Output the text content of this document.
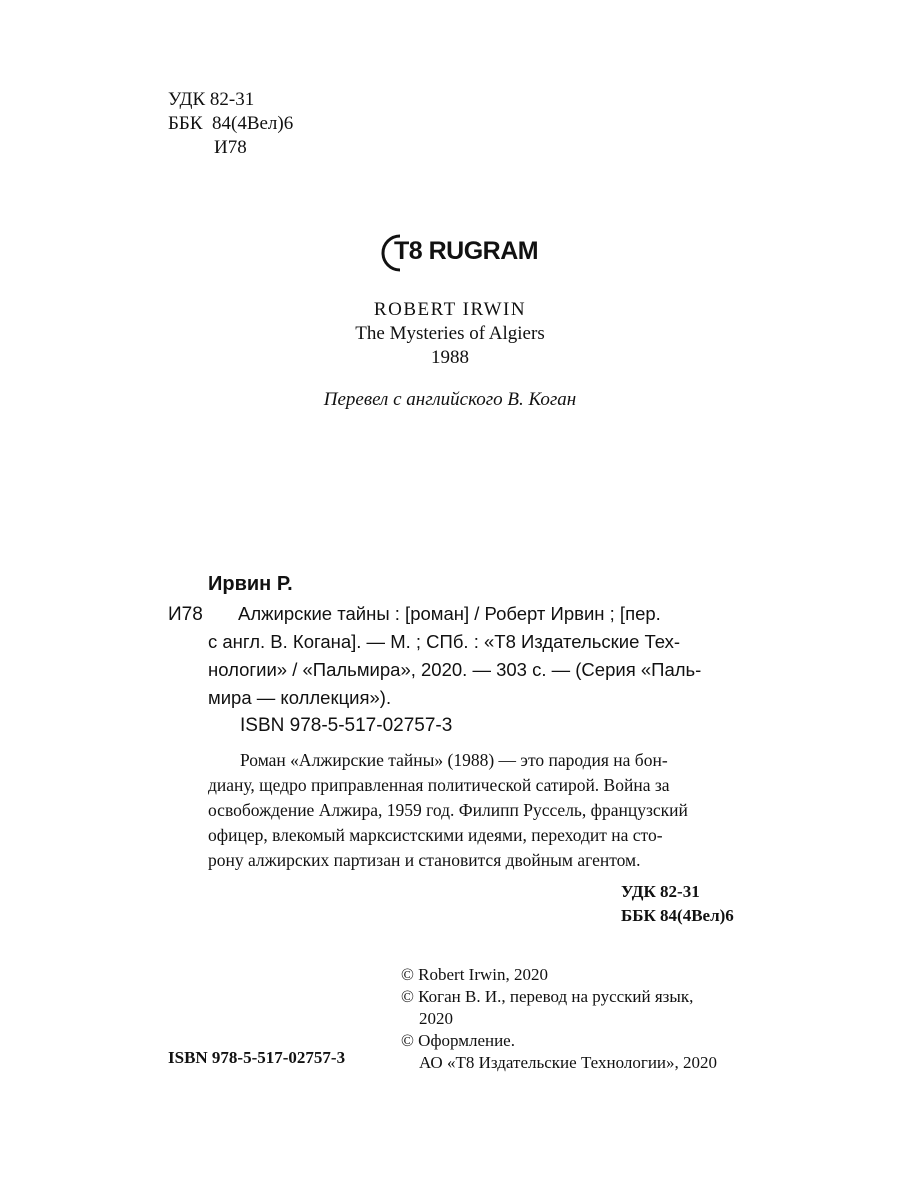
УДК 82-31
ББК  84(4Вел)6
И78
T8 RUGRAM
ROBERT IRWIN
The Mysteries of Algiers
1988
Перевел с английского В. Коган
Ирвин Р.
И78	Алжирские тайны : [роман] / Роберт Ирвин ; [пер.
с англ. В. Когана]. — М. ; СПб. : «Т8 Издательские Тех-
нологии» / «Пальмира», 2020. — 303 с. — (Серия «Паль-
мира — коллекция»).
ISBN 978-5-517-02757-3
Роман «Алжирские тайны» (1988) — это пародия на бон-
диану, щедро приправленная политической сатирой. Война за
освобождение Алжира, 1959 год. Филипп Руссель, французский
офицер, влекомый марксистскими идеями, переходит на сто-
рону алжирских партизан и становится двойным агентом.
УДК 82-31
ББК 84(4Вел)6
© Robert Irwin, 2020
© Коган В. И., перевод на русский язык,
2020
© Оформление.
АО «Т8 Издательские Технологии», 2020
ISBN 978-5-517-02757-3
